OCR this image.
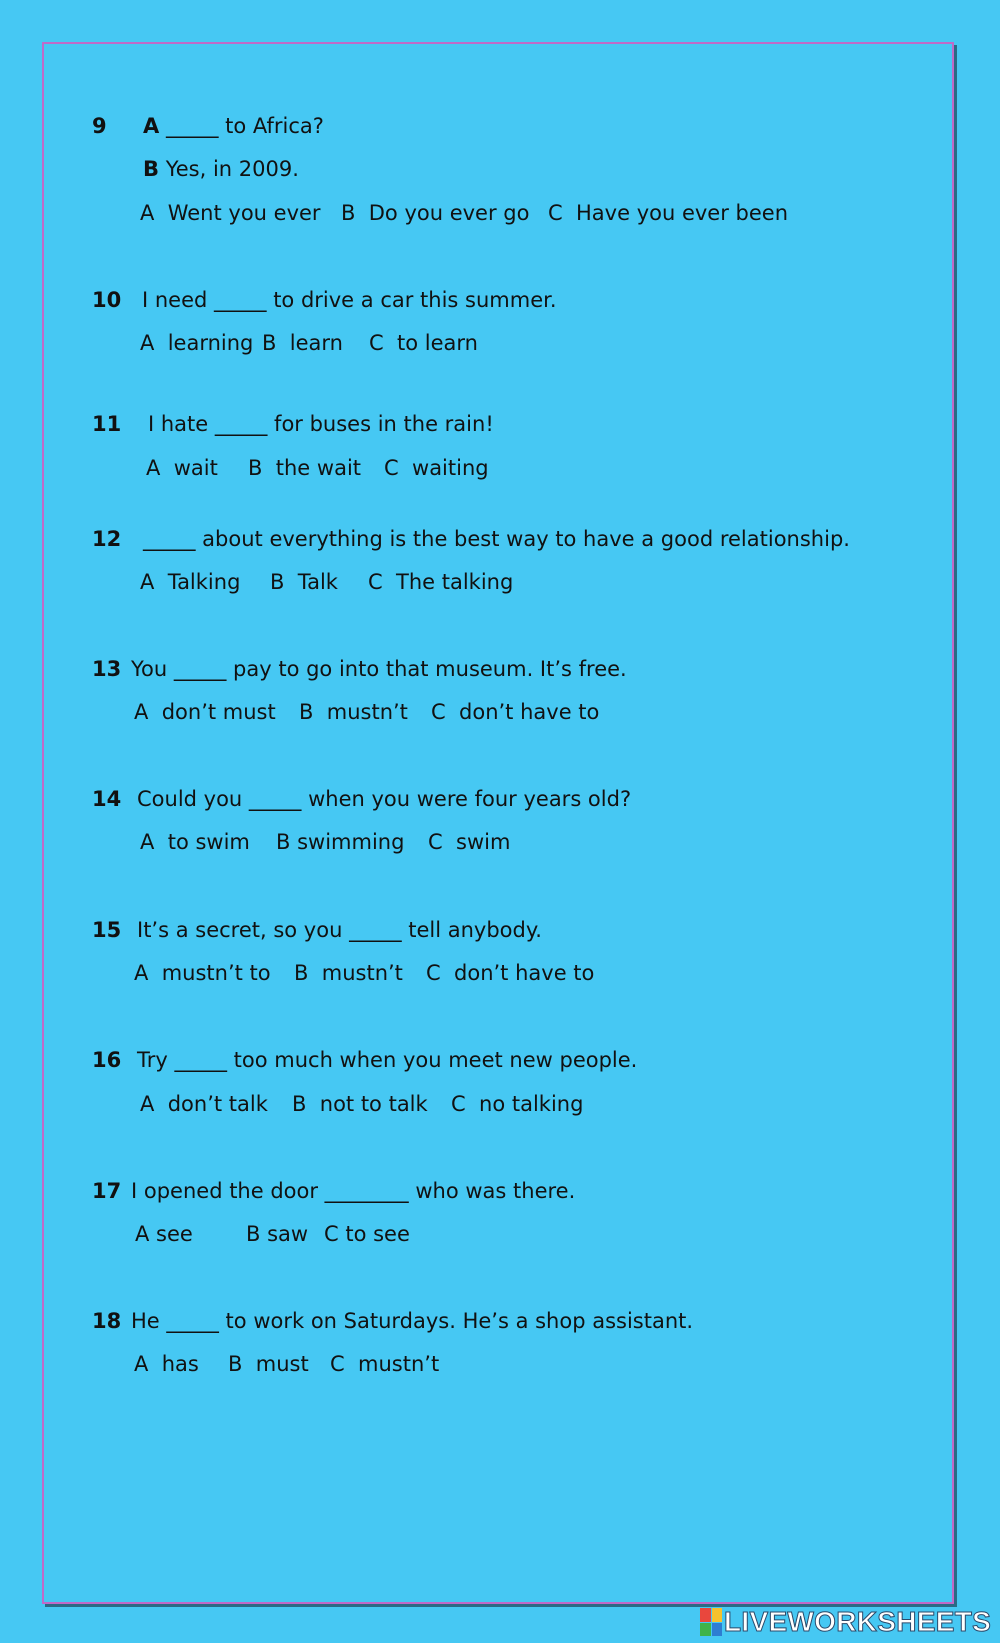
9 A _____ to Africa?
B Yes, in 2009.
A  Went you ever B  Do you ever go C  Have you ever been
10 I need _____ to drive a car this summer.
A  learning B  learn C  to learn
11 I hate _____ for buses in the rain!
A  wait B  the wait C  waiting
12 _____ about everything is the best way to have a good relationship.
A  Talking B  Talk C  The talking
13 You _____ pay to go into that museum. It’s free.
A  don’t must B  mustn’t C  don’t have to
14 Could you _____ when you were four years old?
A  to swim B swimming C  swim
15 It’s a secret, so you _____ tell anybody.
A  mustn’t to B  mustn’t C  don’t have to
16 Try _____ too much when you meet new people.
A  don’t talk B  not to talk C  no talking
17 I opened the door ________ who was there.
A see	B saw C to see
18 He _____ to work on Saturdays. He’s a shop assistant.
A  has B  must C  mustn’t
LIVEWORKSHEETS
